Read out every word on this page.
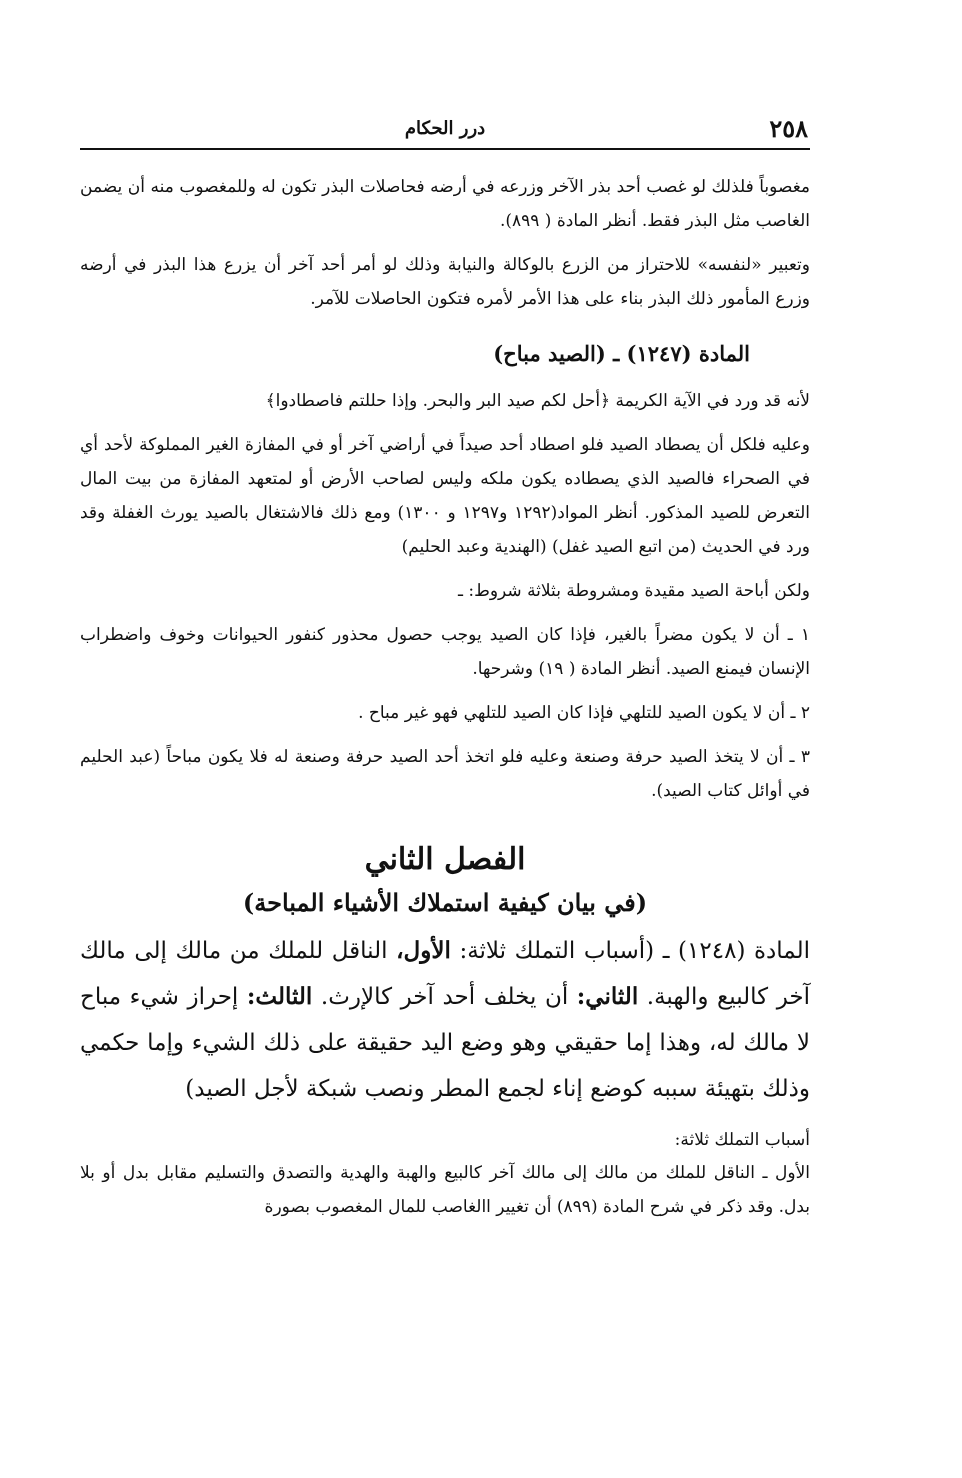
٢٥٨
درر الحكام

مغصوباً فلذلك لو غصب أحد بذر الآخر وزرعه في أرضه فحاصلات البذر تكون له وللمغصوب منه أن يضمن الغاصب مثل البذر فقط. أنظر المادة ( ٨٩٩).

وتعبير «لنفسه» للاحتراز من الزرع بالوكالة والنيابة وذلك لو أمر أحد آخر أن يزرع هذا البذر في أرضه وزرع المأمور ذلك البذر بناء على هذا الأمر لأمره فتكون الحاصلات للآمر.

المادة (١٢٤٧) ـ (الصيد مباح)

لأنه قد ورد في الآية الكريمة ﴿أحل لكم صيد البر والبحر. وإذا حللتم فاصطادوا﴾

وعليه فلكل أن يصطاد الصيد فلو اصطاد أحد صيداً في أراضي آخر أو في المفازة الغير المملوكة لأحد أي في الصحراء فالصيد الذي يصطاده يكون ملكه وليس لصاحب الأرض أو لمتعهد المفازة من بيت المال التعرض للصيد المذكور. أنظر المواد(١٢٩٢ و١٢٩٧ و ١٣٠٠) ومع ذلك فالاشتغال بالصيد يورث الغفلة وقد ورد في الحديث (من اتبع الصيد غفل) (الهندية وعبد الحليم)

ولكن أباحة الصيد مقيدة ومشروطة بثلاثة شروط: ـ

١ ـ أن لا يكون مضراً بالغير، فإذا كان الصيد يوجب حصول محذور كنفور الحيوانات وخوف واضطراب الإنسان فيمنع الصيد. أنظر المادة ( ١٩) وشرحها.

٢ ـ أن لا يكون الصيد للتلهي فإذا كان الصيد للتلهي فهو غير مباح .

٣ ـ أن لا يتخذ الصيد حرفة وصنعة وعليه فلو اتخذ أحد الصيد حرفة وصنعة له فلا يكون مباحاً (عبد الحليم في أوائل كتاب الصيد).

الفصل الثاني
(في بيان كيفية استملاك الأشياء المباحة)

المادة (١٢٤٨) ـ (أسباب التملك ثلاثة: الأول، الناقل للملك من مالك إلى مالك آخر كالبيع والهبة. الثاني: أن يخلف أحد آخر كالإرث. الثالث: إحراز شيء مباح لا مالك له، وهذا إما حقيقي وهو وضع اليد حقيقة على ذلك الشيء وإما حكمي وذلك بتهيئة سببه كوضع إناء لجمع المطر ونصب شبكة لأجل الصيد)

أسباب التملك ثلاثة:

الأول ـ الناقل للملك من مالك إلى مالك آخر كالبيع والهبة والهدية والتصدق والتسليم مقابل بدل أو بلا بدل. وقد ذكر في شرح المادة (٨٩٩) أن تغيير االغاصب للمال المغصوب بصورة
